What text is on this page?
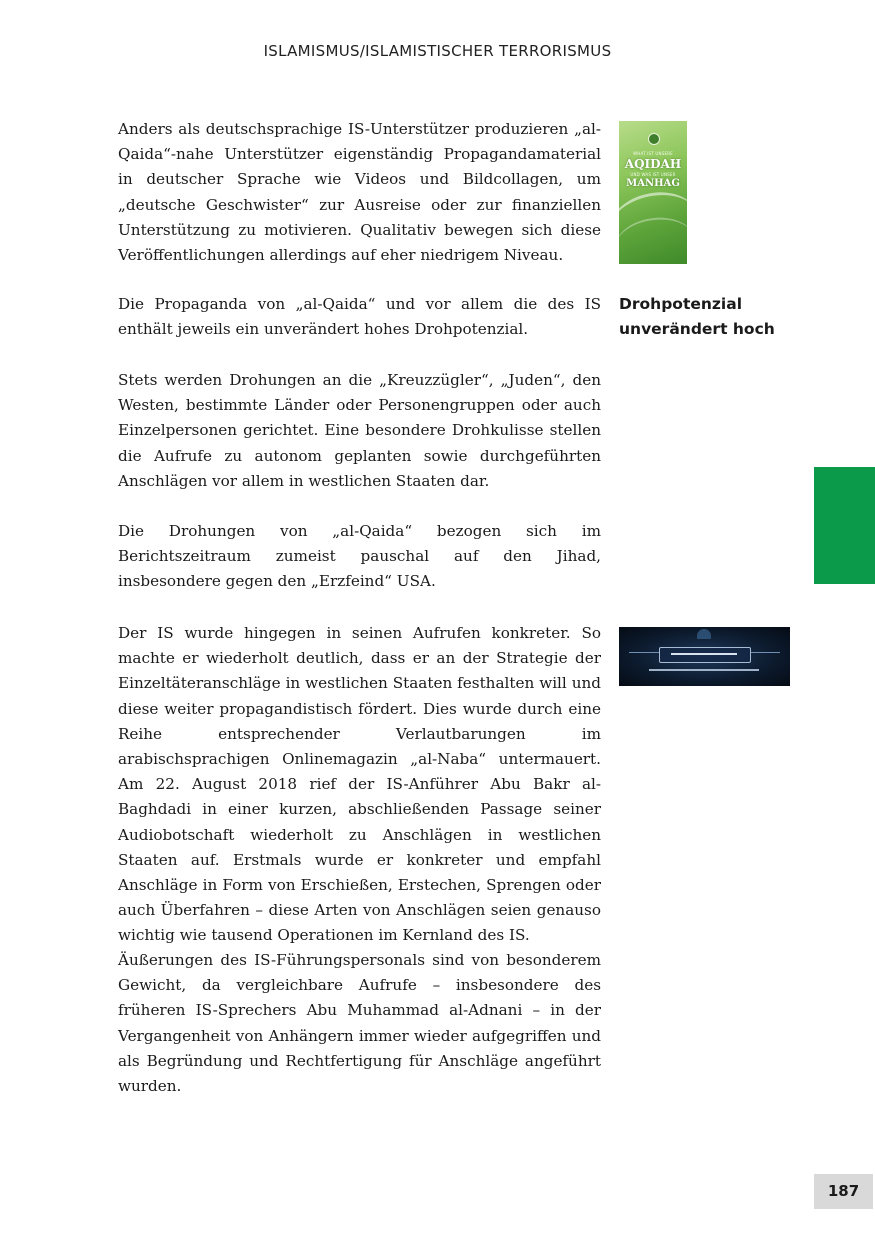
ISLAMISMUS/ISLAMISTISCHER TERRORISMUS

Anders als deutschsprachige IS-Unterstützer produzieren „al-Qaida“-nahe Unterstützer eigenständig Propagandamaterial in deutscher Sprache wie Videos und Bildcollagen, um „deutsche Geschwister“ zur Ausreise oder zur finanziellen Unterstützung zu motivieren. Qualitativ bewegen sich diese Veröffentlichungen allerdings auf eher niedrigem Niveau.

Die Propaganda von „al-Qaida“ und vor allem die des IS enthält jeweils ein unverändert hohes Drohpotenzial.

Stets werden Drohungen an die „Kreuzzügler“, „Juden“, den Westen, bestimmte Länder oder Personengruppen oder auch Einzelpersonen gerichtet. Eine besondere Drohkulisse stellen die Aufrufe zu autonom geplanten sowie durchgeführten Anschlägen vor allem in westlichen Staaten dar.

Die Drohungen von „al-Qaida“ bezogen sich im Berichtszeitraum zumeist pauschal auf den Jihad, insbesondere gegen den „Erzfeind“ USA.

Der IS wurde hingegen in seinen Aufrufen konkreter. So machte er wiederholt deutlich, dass er an der Strategie der Einzeltäteranschläge in westlichen Staaten festhalten will und diese weiter propagandistisch fördert. Dies wurde durch eine Reihe entsprechender Verlautbarungen im arabischsprachigen Onlinemagazin „al-Naba“ untermauert. Am 22. August 2018 rief der IS-Anführer Abu Bakr al-Baghdadi in einer kurzen, abschließenden Passage seiner Audiobotschaft wiederholt zu Anschlägen in westlichen Staaten auf. Erstmals wurde er konkreter und empfahl Anschläge in Form von Erschießen, Erstechen, Sprengen oder auch Überfahren – diese Arten von Anschlägen seien genauso wichtig wie tausend Operationen im Kernland des IS.

Äußerungen des IS-Führungspersonals sind von besonderem Gewicht, da vergleichbare Aufrufe – insbesondere des früheren IS-Sprechers Abu Muhammad al-Adnani – in der Vergangenheit von Anhängern immer wieder aufgegriffen und als Begründung und Rechtfertigung für Anschläge angeführt wurden.

Drohpotenzial
unverändert hoch
WHAT IST UNSERE
AQIDAH
UND WAS IST UNSER
MANHAG
187
